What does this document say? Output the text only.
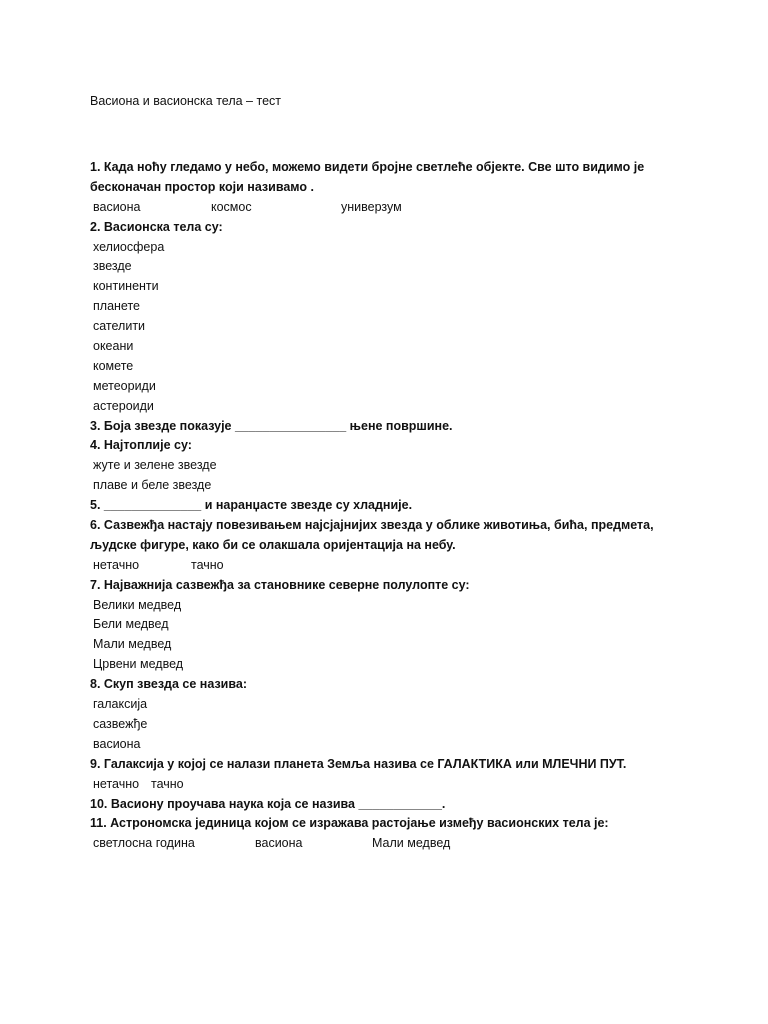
Васиона и васионска тела – тест
1. Када ноћу гледамо у небо, можемо видети бројне светлеће објекте. Све што видимо је
бесконачан простор који називамо .
васиона	космос	универзум
2. Васионска тела су:
хелиосфера
звезде
континенти
планете
сателити
океани
комете
метеориди
астероиди
3. Боја звезде показује ________________ њене површине.
4. Најтоплије су:
жуте и зелене звезде
плаве и беле звезде
5. ______________ и наранџасте звезде су хладније.
6. Сазвежђа настају повезивањем најсјајнијих звезда у облике животиња, бића, предмета,
људске фигуре, како би се олакшала оријентација на небу.
нетачно	тачно
7. Најважнија сазвежђа за становнике северне полулопте су:
Велики медвед
Бели медвед
Мали медвед
Црвени медвед
8. Скуп звезда се назива:
галаксија
сазвежђе
васиона
9. Галаксија у којој се налази планета Земља назива се ГАЛАКТИКА или МЛЕЧНИ ПУТ.
нетачно тачно
10. Васиону проучава наука која се назива ____________.
11. Астрономска јединица којом се изражава растојање између васионских тела је:
светлосна година	васиона	Мали медвед
